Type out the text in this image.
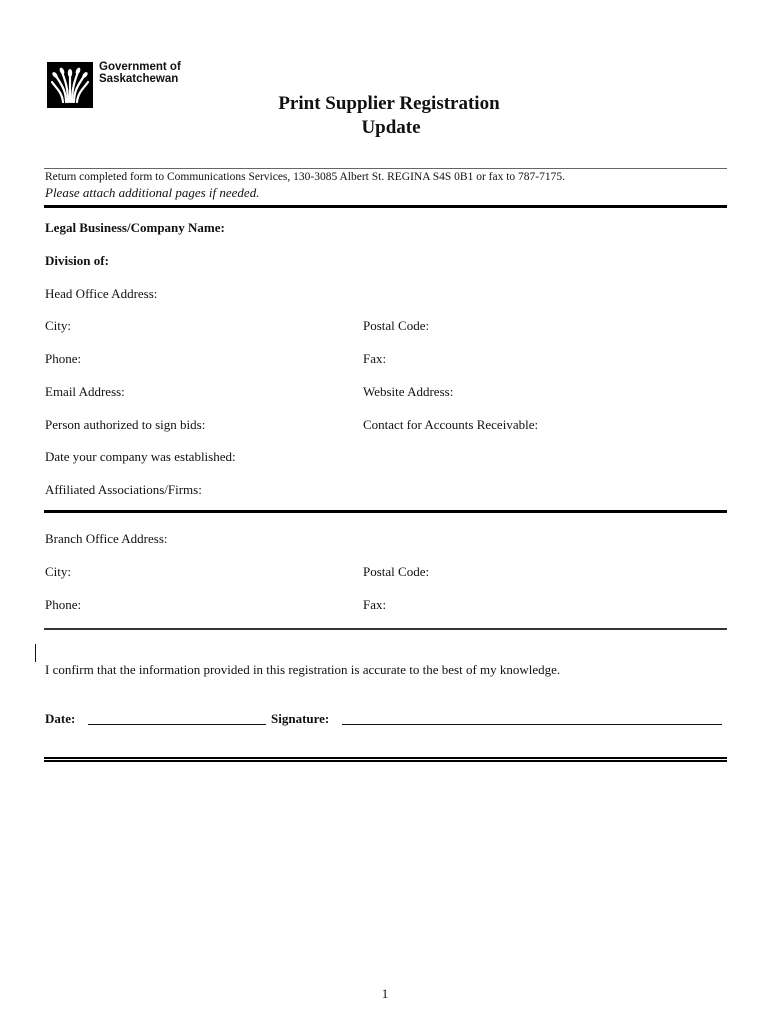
Government of
Saskatchewan
Print Supplier Registration
Update
Return completed form to Communications Services, 130-3085 Albert St. REGINA S4S 0B1 or fax to 787-7175.
Please attach additional pages if needed.
Legal Business/Company Name:
Division of:
Head Office Address:
City:	Postal Code:
Phone:	Fax:
Email Address:	Website Address:
Person authorized to sign bids:	Contact for Accounts Receivable:
Date your company was established:
Affiliated Associations/Firms:
Branch Office Address:
City:	Postal Code:
Phone:	Fax:
I confirm that the information provided in this registration is accurate to the best of my knowledge.
Date:	Signature:
1
